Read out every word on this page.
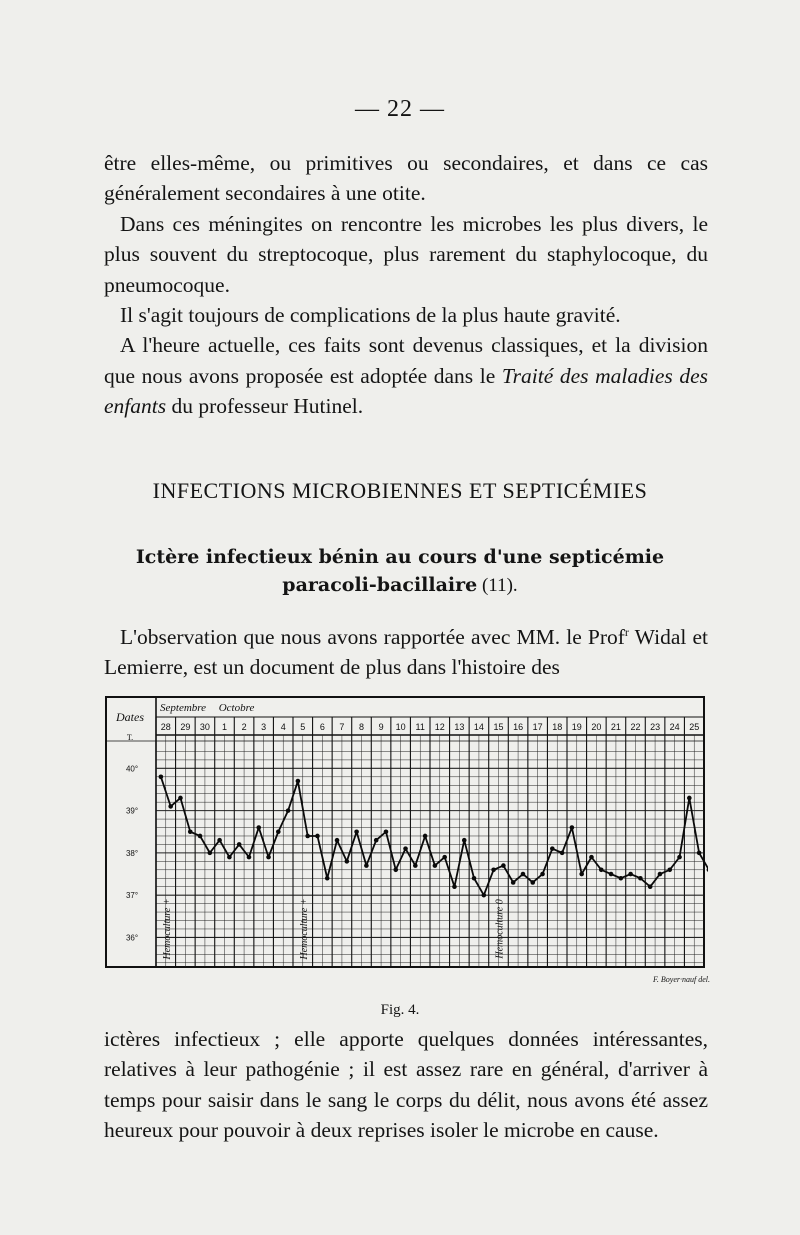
— 22 —

être elles-même, ou primitives ou secondaires, et dans ce cas généralement secondaires à une otite.

Dans ces méningites on rencontre les microbes les plus divers, le plus souvent du streptocoque, plus rarement du staphylocoque, du pneumocoque.

Il s'agit toujours de complications de la plus haute gravité.

A l'heure actuelle, ces faits sont devenus classiques, et la division que nous avons proposée est adoptée dans le Traité des maladies des enfants du professeur Hutinel.

INFECTIONS MICROBIENNES ET SEPTICÉMIES
Ictère infectieux bénin au cours d'une septicémie
paracoli-bacillaire (11).

L'observation que nous avons rapportée avec MM. le Prof$^r$ Widal et Lemierre, est un document de plus dans l'histoire des

Dates
T.
Septembre Octobre
28 29 30 1 2 3 4 5 6 7 8 9 10 11 12 13 14 15 16 17 18 19 20 21 22 23 24 25
40°
39°
38°
37°
36° Hemoculture +	Hemoculture +	Hemoculture 0
F. Boyer·nauf del.
Fig. 4.

ictères infectieux ; elle apporte quelques données intéressantes, relatives à leur pathogénie ; il est assez rare en général, d'arriver à temps pour saisir dans le sang le corps du délit, nous avons été assez heureux pour pouvoir à deux reprises isoler le microbe en cause.
